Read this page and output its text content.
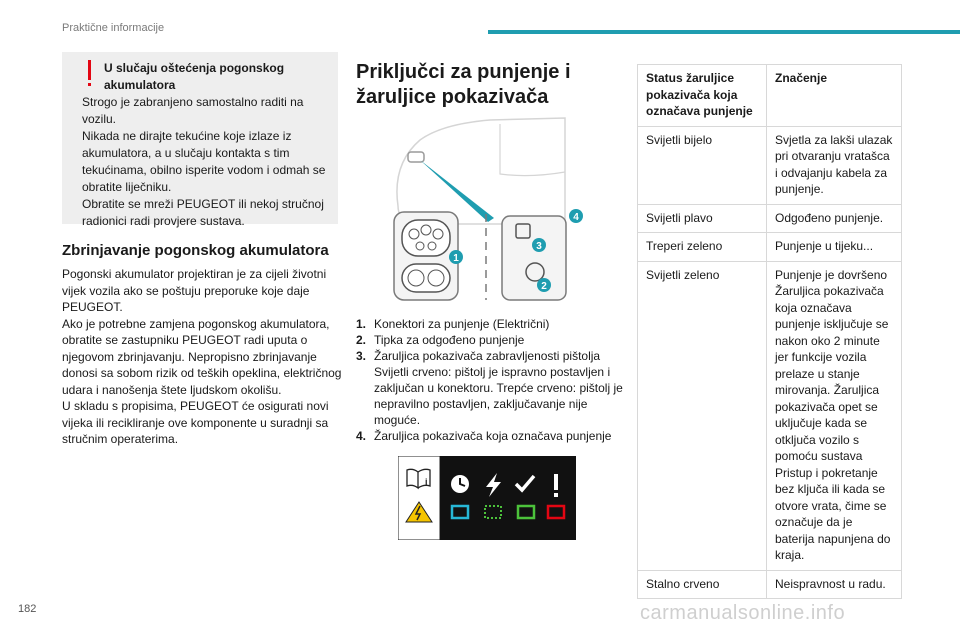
Praktične informacije
U slučaju oštećenja pogonskog akumulatora

Strogo je zabranjeno samostalno raditi na vozilu.

Nikada ne dirajte tekućine koje izlaze iz akumulatora, a u slučaju kontakta s tim tekućinama, obilno isperite vodom i odmah se obratite liječniku.

Obratite se mreži PEUGEOT ili nekoj stručnoj radionici radi provjere sustava.

Zbrinjavanje pogonskog akumulatora
Pogonski akumulator projektiran je za cijeli životni vijek vozila ako se poštuju preporuke koje daje PEUGEOT.
Ako je potrebne zamjena pogonskog akumulatora, obratite se zastupniku PEUGEOT radi uputa o njegovom zbrinjavanju. Nepropisno zbrinjavanje donosi sa sobom rizik od teških opeklina, električnog udara i nanošenja štete ljudskom okolišu.
U skladu s propisima, PEUGEOT će osigurati novi vijeka ili recikliranje ove komponente u suradnji sa stručnim operaterima.
Priključci za punjenje i žaruljice pokazivača
1
2
3
4
1. Konektori za punjenje (Električni)
2. Tipka za odgođeno punjenje
3. Žaruljica pokazivača zabravljenosti pištolja Svijetli crveno: pištolj je ispravno postavljen i zaključan u konektoru. Trepće crveno: pištolj je nepravilno postavljen, zaključavanje nije moguće.
4. Žaruljica pokazivača koja označava punjenje
i
Status žaruljice pokazivača koja označava punjenje	Značenje
Svijetli bijelo	Svjetla za lakši ulazak pri otvaranju vratašca i odvajanju kabela za punjenje.
Svijetli plavo	Odgođeno punjenje.
Treperi zeleno	Punjenje u tijeku...
Svijetli zeleno	Punjenje je dovršeno Žaruljica pokazivača koja označava punjenje isključuje se nakon oko 2 minute jer funkcije vozila prelaze u stanje mirovanja. Žaruljica pokazivača opet se uključuje kada se otključa vozilo s pomoću sustava Pristup i pokretanje bez ključa ili kada se otvore vrata, čime se označuje da je baterija napunjena do kraja.
Stalno crveno	Neispravnost u radu.
182	carmanualsonline.info
